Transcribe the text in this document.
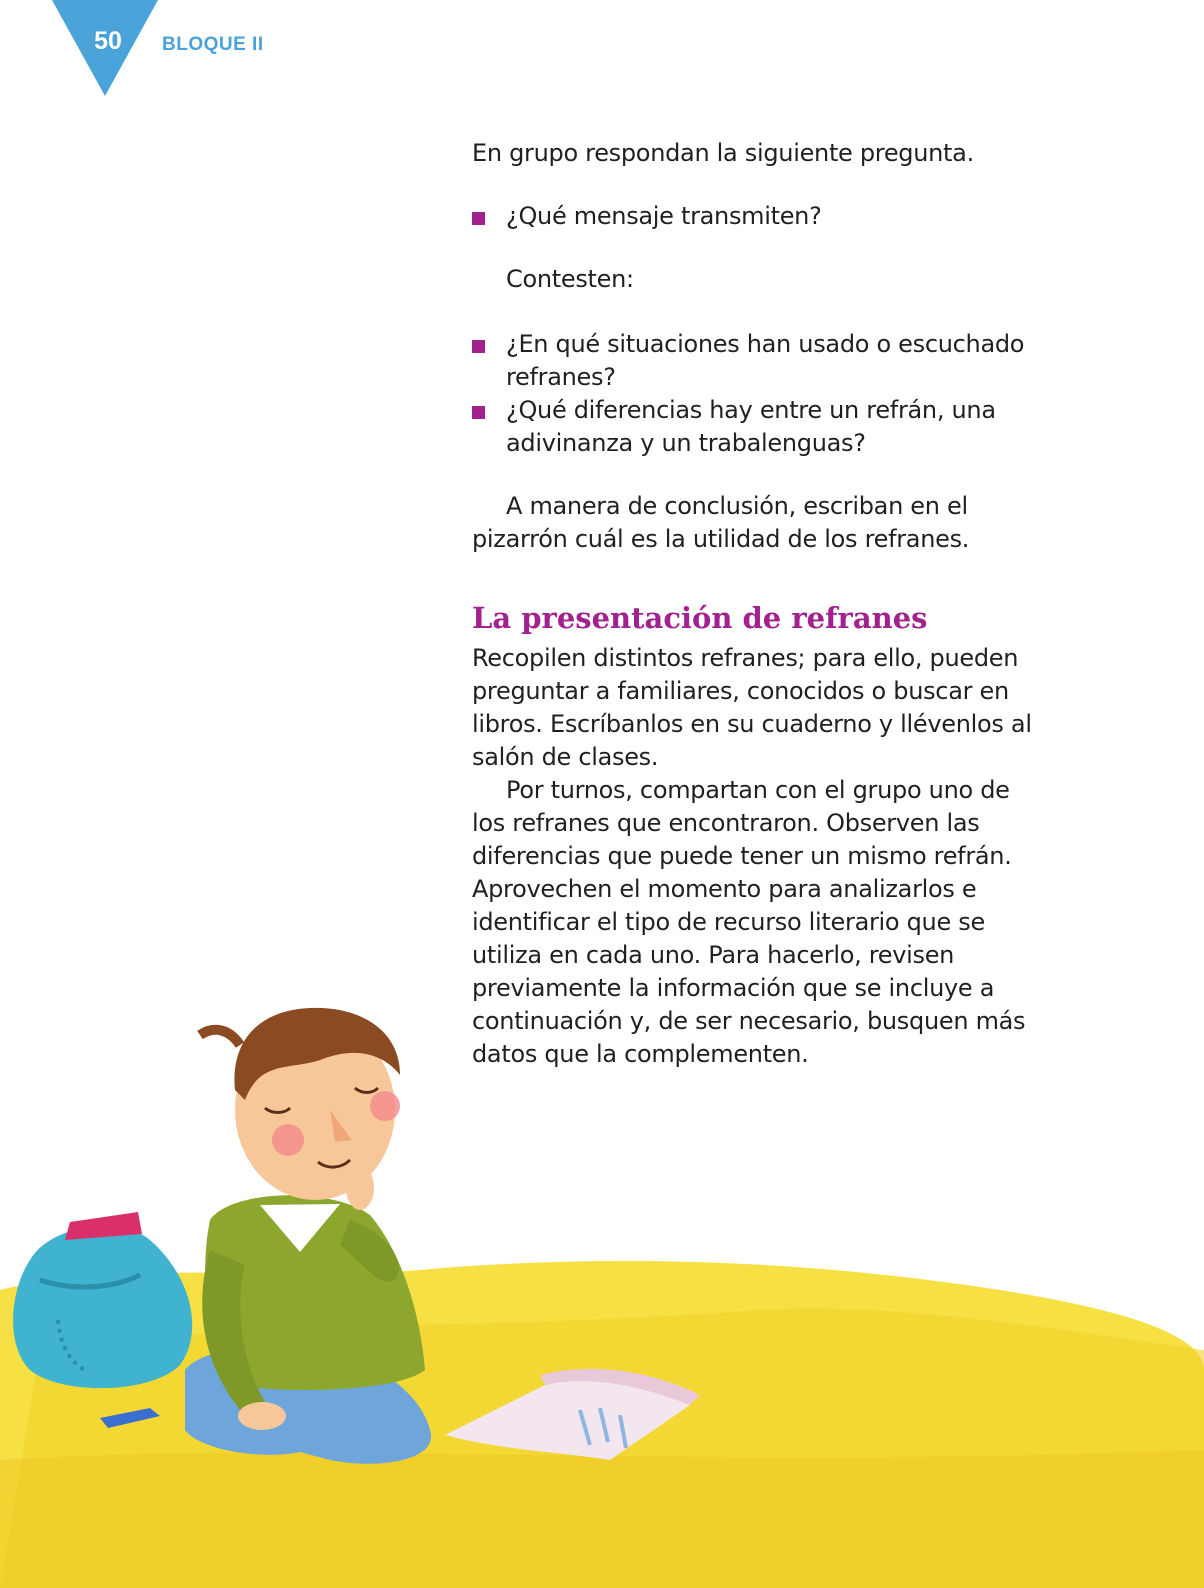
50	BLOQUE II

En grupo respondan la siguiente pregunta.

¿Qué mensaje transmiten?

Contesten:

¿En qué situaciones han usado o escuchado refranes?
¿Qué diferencias hay entre un refrán, una adivinanza y un trabalenguas?

A manera de conclusión, escriban en el pizarrón cuál es la utilidad de los refranes.

La presentación de refranes

Recopilen distintos refranes; para ello, pueden preguntar a familiares, conocidos o buscar en libros. Escríbanlos en su cuaderno y llévenlos al salón de clases.

Por turnos, compartan con el grupo uno de los refranes que encontraron. Observen las diferencias que puede tener un mismo refrán. Aprovechen el momento para analizarlos e identificar el tipo de recurso literario que se utiliza en cada uno. Para hacerlo, revisen previamente la información que se incluye a continuación y, de ser necesario, busquen más datos que la complementen.
